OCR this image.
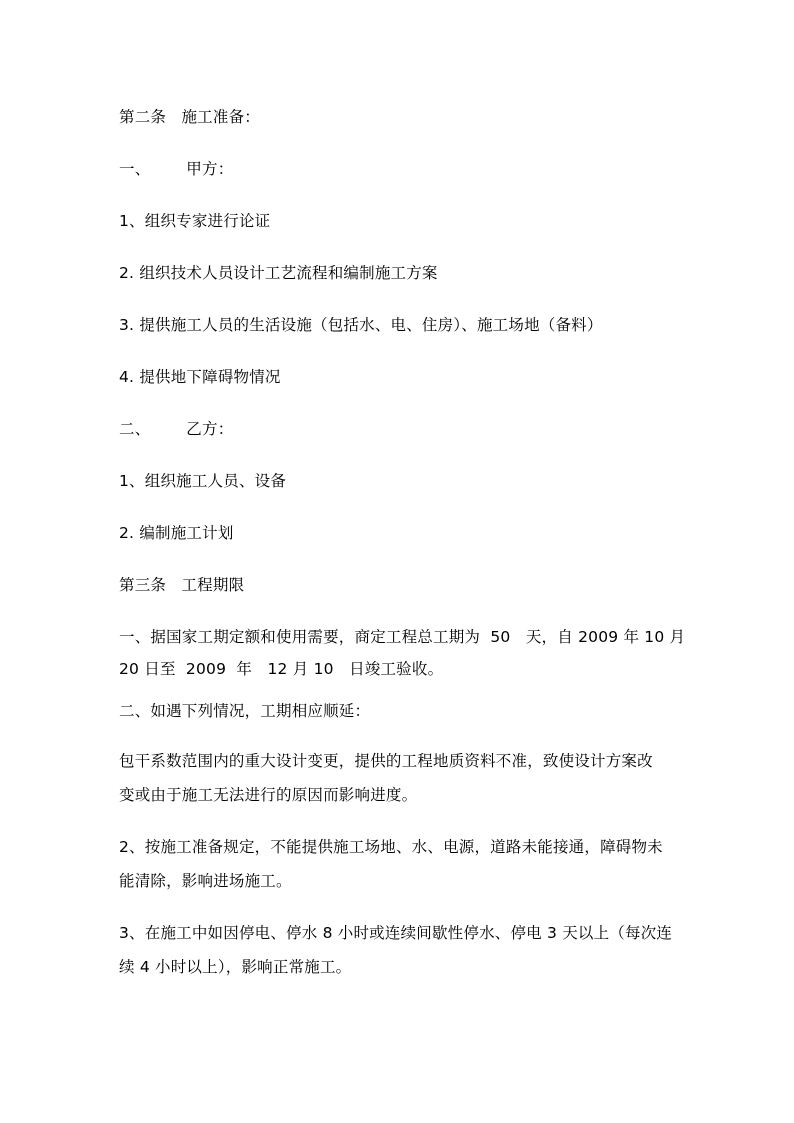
第二条   施工准备：
一、       甲方：
1、组织专家进行论证
2. 组织技术人员设计工艺流程和编制施工方案
3. 提供施工人员的生活设施（包括水、电、住房）、施工场地（备料）
4. 提供地下障碍物情况
二、       乙方：
1、组织施工人员、设备
2. 编制施工计划
第三条   工程期限
一、据国家工期定额和使用需要，商定工程总工期为  50   天，自 2009 年 10 月
20 日至  2009  年   12 月 10   日竣工验收。
二、如遇下列情况，工期相应顺延：
包干系数范围内的重大设计变更，提供的工程地质资料不准，致使设计方案改
变或由于施工无法进行的原因而影响进度。
2、按施工准备规定，不能提供施工场地、水、电源，道路未能接通，障碍物未
能清除，影响进场施工。
3、在施工中如因停电、停水 8 小时或连续间歇性停水、停电 3 天以上（每次连
续 4 小时以上），影响正常施工。
